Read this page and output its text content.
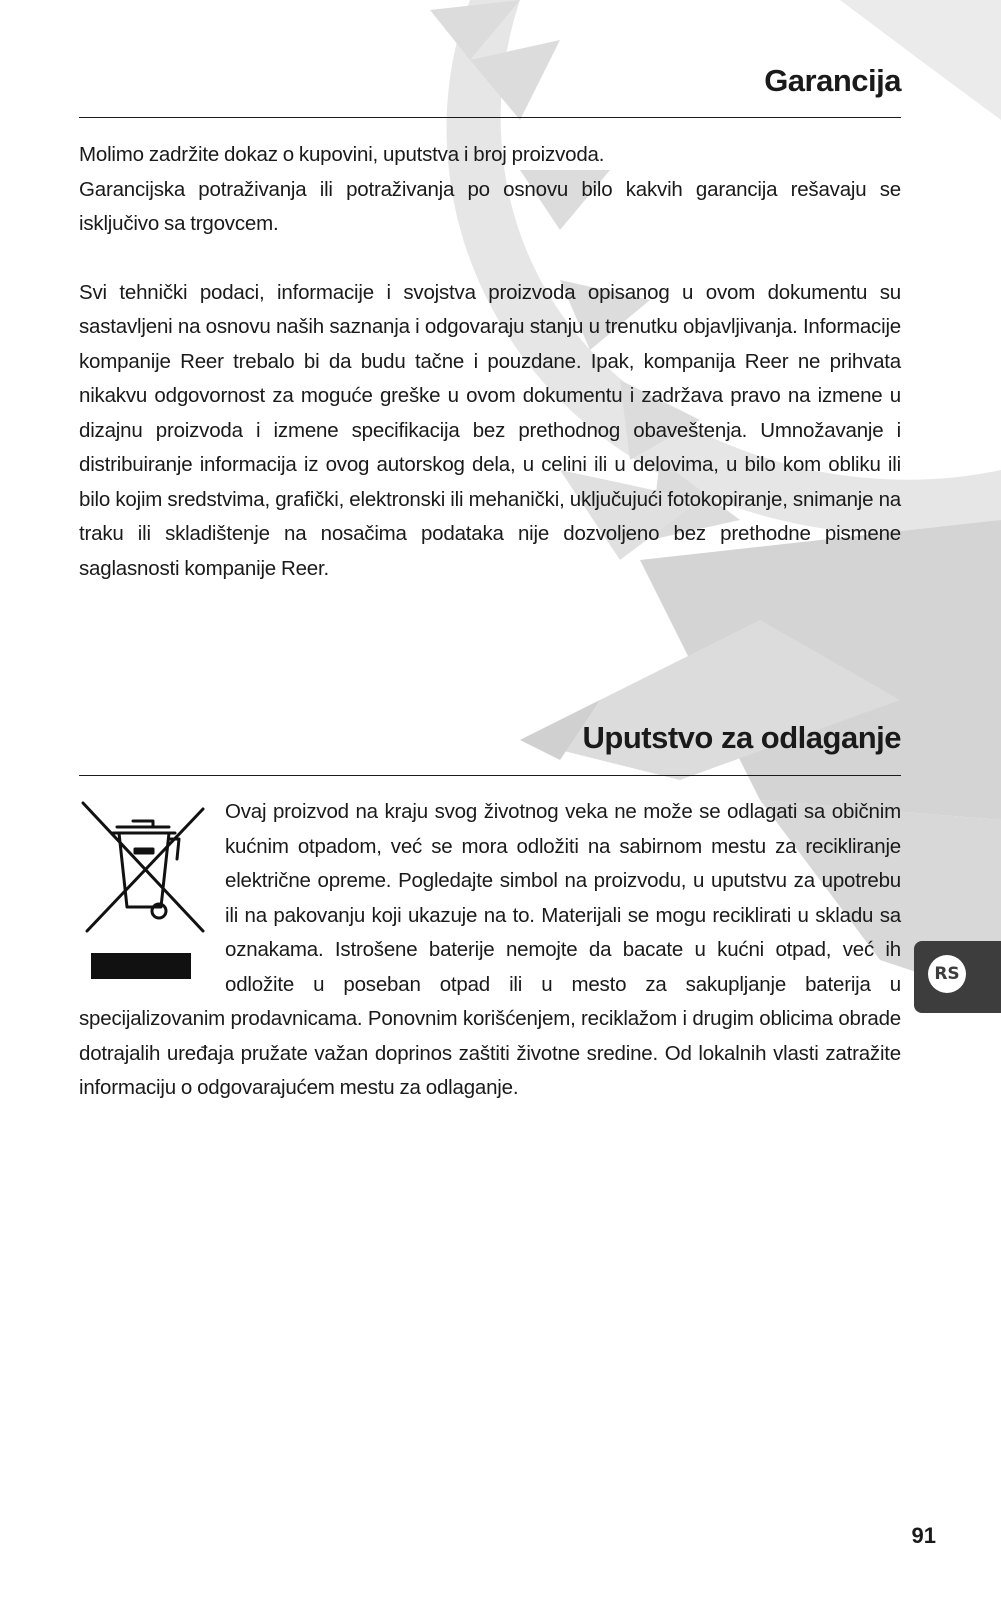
Garancija

Molimo zadržite dokaz o kupovini, uputstva i broj proizvoda.

Garancijska potraživanja ili potraživanja po osnovu bilo kakvih garancija rešavaju se isključivo sa trgovcem.

Svi tehnički podaci, informacije i svojstva proizvoda opisanog u ovom dokumentu su sastavljeni na osnovu naših saznanja i odgovaraju stanju u trenutku objavljivanja. Informacije kompanije Reer trebalo bi da budu tačne i pouzdane. Ipak, kompanija Reer ne prihvata nikakvu odgovornost za moguće greške u ovom dokumentu i zadržava pravo na izmene u dizajnu proizvoda i izmene specifikacija bez prethodnog obaveštenja. Umnožavanje i distribuiranje informacija iz ovog autorskog dela, u celini ili u delovima, u bilo kom obliku ili bilo kojim sredstvima, grafički, elektronski ili mehanički, uključujući fotokopiranje, snimanje na traku ili skladištenje na nosačima podataka nije dozvoljeno bez prethodne pismene saglasnosti kompanije Reer.

Uputstvo za odlaganje

Ovaj proizvod na kraju svog životnog veka ne može se odlagati sa običnim kućnim otpadom, već se mora odložiti na sabirnom mestu za recikliranje električne opreme. Pogledajte simbol na proizvodu, u uputstvu za upotrebu ili na pakovanju koji ukazuje na to. Materijali se mogu reciklirati u skladu sa oznakama. Istrošene baterije nemojte da bacate u kućni otpad, već ih odložite u poseban otpad ili u mesto za sakupljanje baterija u specijalizovanim prodavnicama. Ponovnim korišćenjem, reciklažom i drugim oblicima obrade dotrajalih uređaja pružate važan doprinos zaštiti životne sredine. Od lokalnih vlasti zatražite informaciju o odgovarajućem mestu za odlaganje.

RS
91
